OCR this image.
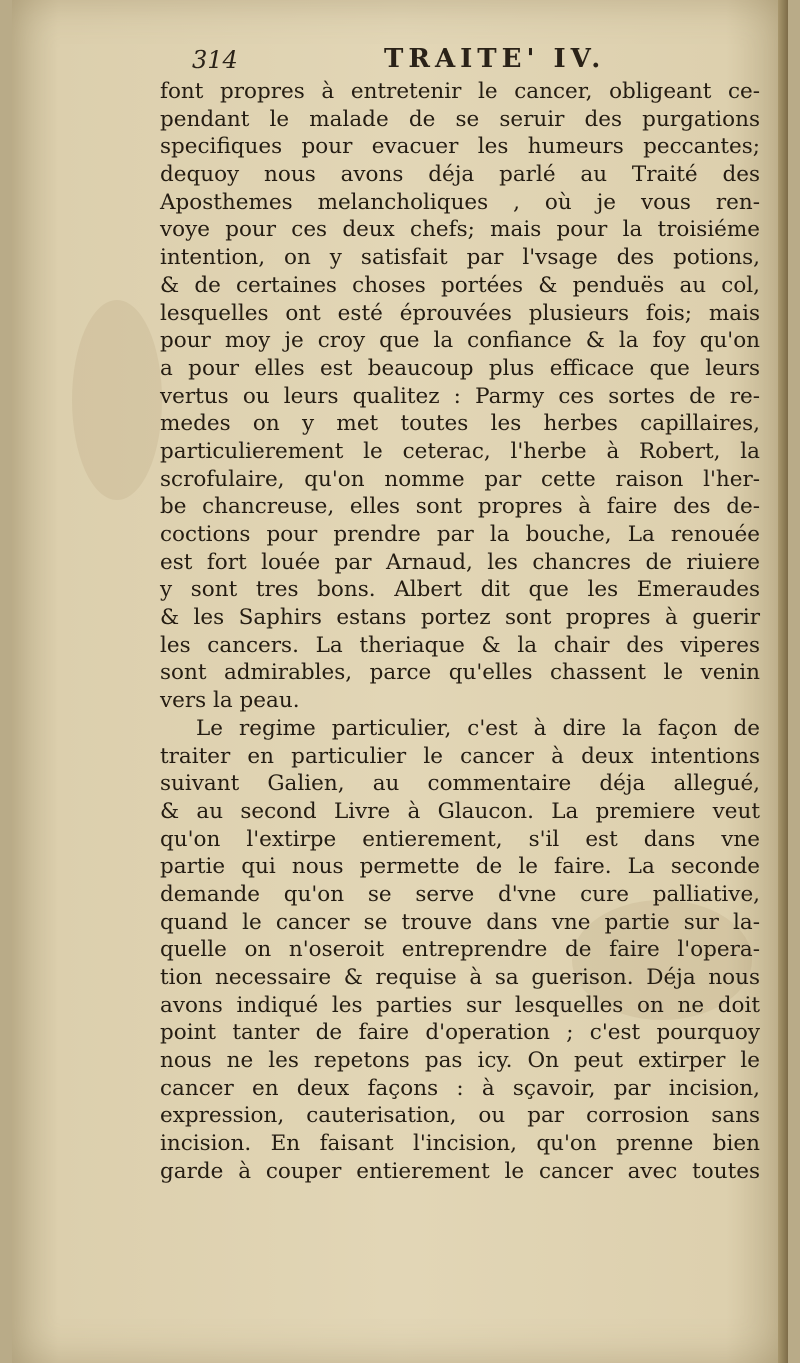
314	TRAITE' IV.
font propres à entretenir le cancer, obligeant ce-
pendant le malade de se seruir des purgations
specifiques pour evacuer les humeurs peccantes;
dequoy nous avons déja parlé au Traité des
Aposthemes melancholiques , où je vous ren-
voye pour ces deux chefs; mais pour la troisiéme
intention, on y satisfait par l'vsage des potions,
& de certaines choses portées & penduës au col,
lesquelles ont esté éprouvées plusieurs fois; mais
pour moy je croy que la confiance & la foy qu'on
a pour elles est beaucoup plus efficace que leurs
vertus ou leurs qualitez : Parmy ces sortes de re-
medes on y met toutes les herbes capillaires,
particulierement le ceterac, l'herbe à Robert, la
scrofulaire, qu'on nomme par cette raison l'her-
be chancreuse, elles sont propres à faire des de-
coctions pour prendre par la bouche, La renouée
est fort louée par Arnaud, les chancres de riuiere
y sont tres bons. Albert dit que les Emeraudes
& les Saphirs estans portez sont propres à guerir
les cancers. La theriaque & la chair des viperes
sont admirables, parce qu'elles chassent le venin
vers la peau.
Le regime particulier, c'est à dire la façon de
traiter en particulier le cancer à deux intentions
suivant Galien, au commentaire déja allegué,
& au second Livre à Glaucon. La premiere veut
qu'on l'extirpe entierement, s'il est dans vne
partie qui nous permette de le faire. La seconde
demande qu'on se serve d'vne cure palliative,
quand le cancer se trouve dans vne partie sur la-
quelle on n'oseroit entreprendre de faire l'opera-
tion necessaire & requise à sa guerison. Déja nous
avons indiqué les parties sur lesquelles on ne doit
point tanter de faire d'operation ; c'est pourquoy
nous ne les repetons pas icy. On peut extirper le
cancer en deux façons : à sçavoir, par incision,
expression, cauterisation, ou par corrosion sans
incision. En faisant l'incision, qu'on prenne bien
garde à couper entierement le cancer avec toutes
